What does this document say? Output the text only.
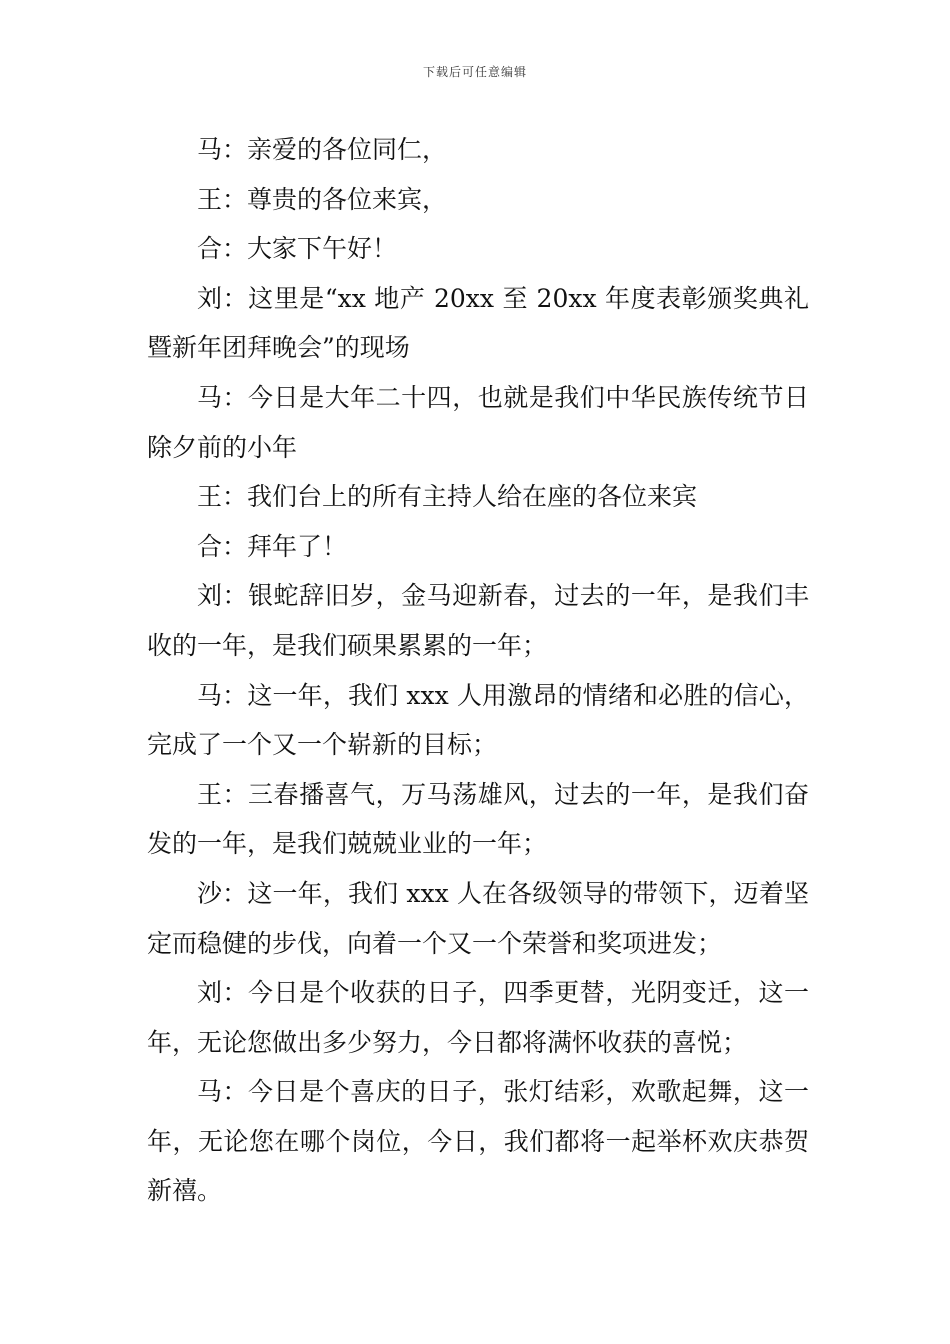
下载后可任意编辑

马：亲爱的各位同仁，

王：尊贵的各位来宾，

合：大家下午好！

刘：这里是“xx 地产 20xx 至 20xx 年度表彰颁奖典礼暨新年团拜晚会”的现场

马：今日是大年二十四，也就是我们中华民族传统节日除夕前的小年

王：我们台上的所有主持人给在座的各位来宾

合：拜年了！

刘：银蛇辞旧岁，金马迎新春，过去的一年，是我们丰收的一年，是我们硕果累累的一年；

马：这一年，我们 xxx 人用激昂的情绪和必胜的信心，完成了一个又一个崭新的目标；

王：三春播喜气，万马荡雄风，过去的一年，是我们奋发的一年，是我们兢兢业业的一年；

沙：这一年，我们 xxx 人在各级领导的带领下，迈着坚定而稳健的步伐，向着一个又一个荣誉和奖项进发；

刘：今日是个收获的日子，四季更替，光阴变迁，这一年，无论您做出多少努力，今日都将满怀收获的喜悦；

马：今日是个喜庆的日子，张灯结彩，欢歌起舞，这一年，无论您在哪个岗位，今日，我们都将一起举杯欢庆恭贺新禧。
